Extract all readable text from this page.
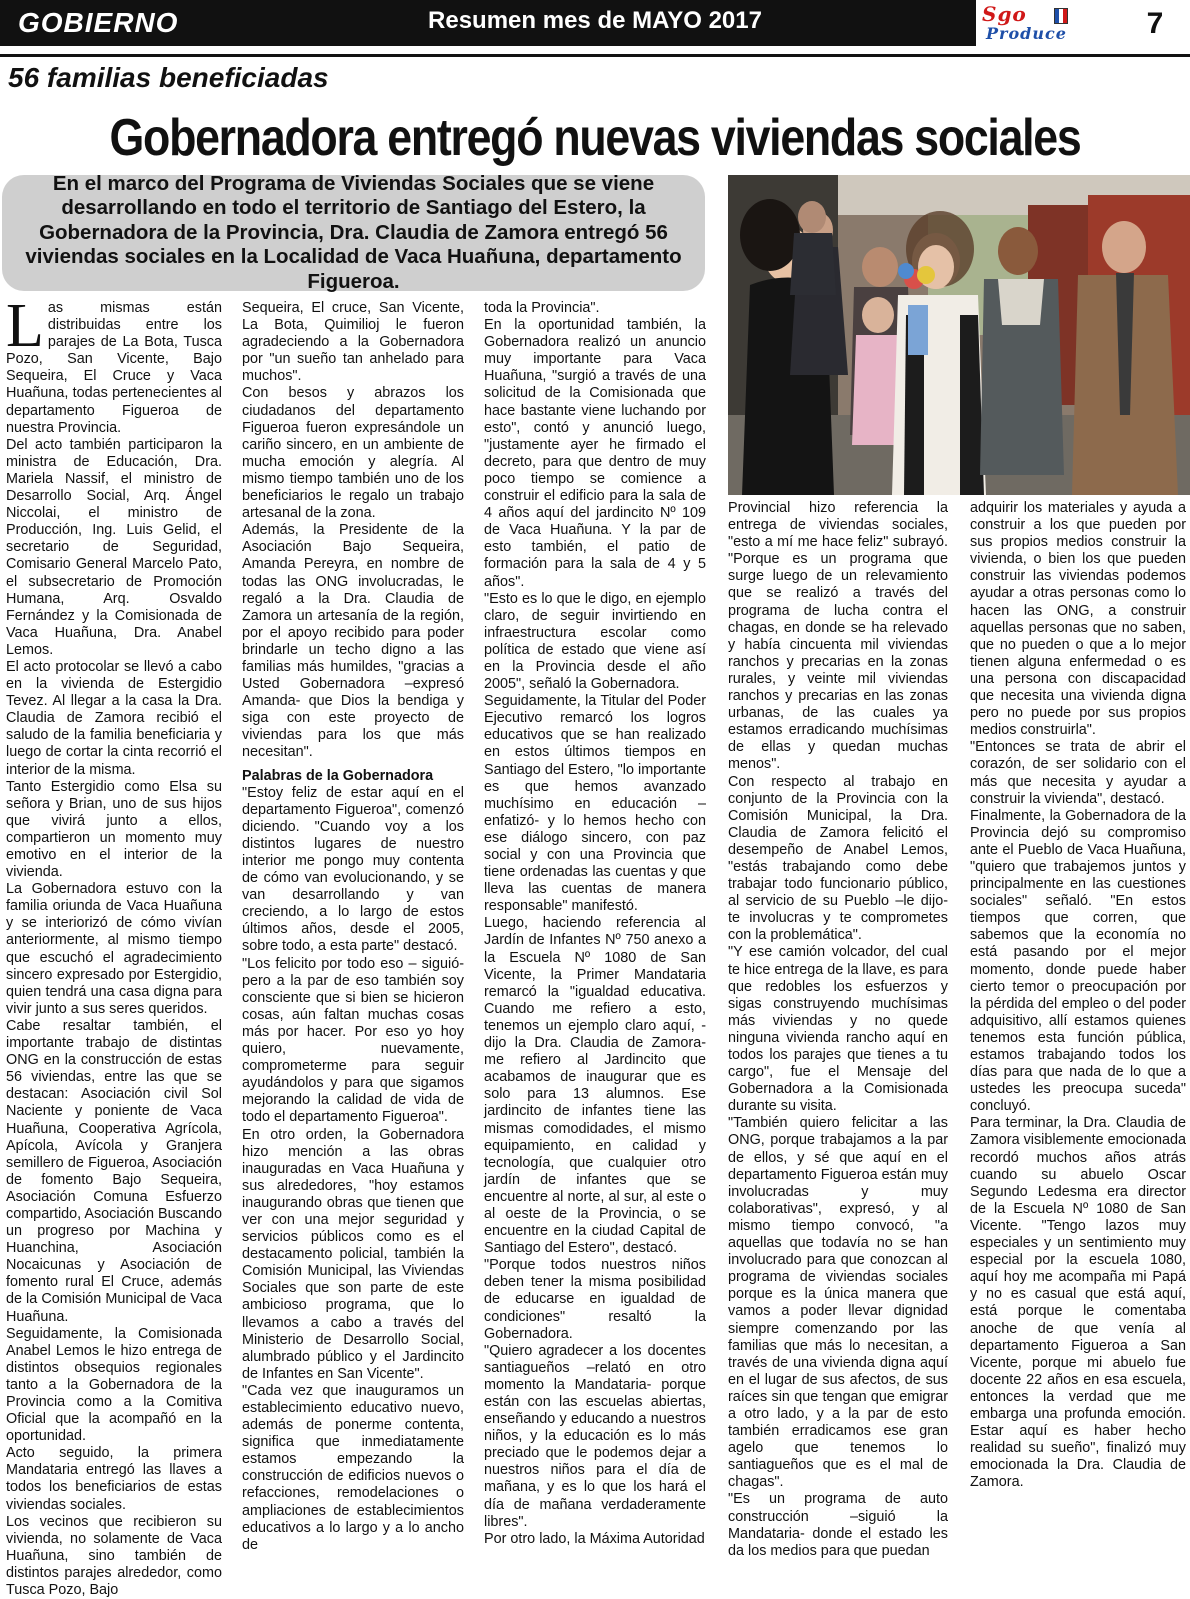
GOBIERNO	Resumen mes de MAYO 2017	Sgo
Produce	7
56 familias beneficiadas
Gobernadora entregó nuevas viviendas sociales
En el marco del Programa de Viviendas Sociales que se viene desarrollando en todo el territorio de Santiago del Estero, la Gobernadora de la Provincia, Dra. Claudia de Zamora entregó 56 viviendas sociales en la Localidad de Vaca Huañuna, departamento Figueroa.
L as mismas están distribuidas entre los parajes de La Bota, Tusca Pozo, San Vicente, Bajo Sequeira, El Cruce y Vaca Huañuna, todas pertenecientes al departamento Figueroa de nuestra Provincia.

Del acto también participaron la ministra de Educación, Dra. Mariela Nassif, el ministro de Desarrollo Social, Arq. Ángel Niccolai, el ministro de Producción, Ing. Luis Gelid, el secretario de Seguridad, Comisario General Marcelo Pato, el subsecretario de Promoción Humana, Arq. Osvaldo Fernández y la Comisionada de Vaca Huañuna, Dra. Anabel Lemos.

El acto protocolar se llevó a cabo en la vivienda de Estergidio Tevez. Al llegar a la casa la Dra. Claudia de Zamora recibió el saludo de la familia beneficiaria y luego de cortar la cinta recorrió el interior de la misma.

Tanto Estergidio como Elsa su señora y Brian, uno de sus hijos que vivirá junto a ellos, compartieron un momento muy emotivo en el interior de la vivienda.

La Gobernadora estuvo con la familia oriunda de Vaca Huañuna y se interiorizó de cómo vivían anteriormente, al mismo tiempo que escuchó el agradecimiento sincero expresado por Estergidio, quien tendrá una casa digna para vivir junto a sus seres queridos.

Cabe resaltar también, el importante trabajo de distintas ONG en la construcción de estas 56 viviendas, entre las que se destacan: Asociación civil Sol Naciente y poniente de Vaca Huañuna, Cooperativa Agrícola, Apícola, Avícola y Granjera semillero de Figueroa, Asociación de fomento Bajo Sequeira, Asociación Comuna Esfuerzo compartido, Asociación Buscando un progreso por Machina y Huanchina, Asociación Nocaicunas y Asociación de fomento rural El Cruce, además de la Comisión Municipal de Vaca Huañuna.

Seguidamente, la Comisionada Anabel Lemos le hizo entrega de distintos obsequios regionales tanto a la Gobernadora de la Provincia como a la Comitiva Oficial que la acompañó en la oportunidad.

Acto seguido, la primera Mandataria entregó las llaves a todos los beneficiarios de estas viviendas sociales.

Los vecinos que recibieron su vivienda, no solamente de Vaca Huañuna, sino también de distintos parajes alrededor, como Tusca Pozo, Bajo

Sequeira, El cruce, San Vicente, La Bota, Quimilioj le fueron agradeciendo a la Gobernadora por "un sueño tan anhelado para muchos".

Con besos y abrazos los ciudadanos del departamento Figueroa fueron expresándole un cariño sincero, en un ambiente de mucha emoción y alegría. Al mismo tiempo también uno de los beneficiarios le regalo un trabajo artesanal de la zona.

Además, la Presidente de la Asociación Bajo Sequeira, Amanda Pereyra, en nombre de todas las ONG involucradas, le regaló a la Dra. Claudia de Zamora un artesanía de la región, por el apoyo recibido para poder brindarle un techo digno a las familias más humildes, "gracias a Usted Gobernadora –expresó Amanda- que Dios la bendiga y siga con este proyecto de viviendas para los que más necesitan".

Palabras de la Gobernadora

"Estoy feliz de estar aquí en el departamento Figueroa", comenzó diciendo. "Cuando voy a los distintos lugares de nuestro interior me pongo muy contenta de cómo van evolucionando, y se van desarrollando y van creciendo, a lo largo de estos últimos años, desde el 2005, sobre todo, a esta parte" destacó.

"Los felicito por todo eso – siguió- pero a la par de eso también soy consciente que si bien se hicieron cosas, aún faltan muchas cosas más por hacer. Por eso yo hoy quiero, nuevamente, comprometerme para seguir ayudándolos y para que sigamos mejorando la calidad de vida de todo el departamento Figueroa".

En otro orden, la Gobernadora hizo mención a las obras inauguradas en Vaca Huañuna y sus alrededores, "hoy estamos inaugurando obras que tienen que ver con una mejor seguridad y servicios públicos como es el destacamento policial, también la Comisión Municipal, las Viviendas Sociales que son parte de este ambicioso programa, que lo llevamos a cabo a través del Ministerio de Desarrollo Social, alumbrado público y el Jardincito de Infantes en San Vicente".

"Cada vez que inauguramos un establecimiento educativo nuevo, además de ponerme contenta, significa que inmediatamente estamos empezando la construcción de edificios nuevos o refacciones, remodelaciones o ampliaciones de establecimientos educativos a lo largo y a lo ancho de

toda la Provincia".

En la oportunidad también, la Gobernadora realizó un anuncio muy importante para Vaca Huañuna, "surgió a través de una solicitud de la Comisionada que hace bastante viene luchando por esto", contó y anunció luego, "justamente ayer he firmado el decreto, para que dentro de muy poco tiempo se comience a construir el edificio para la sala de 4 años aquí del jardincito Nº 109 de Vaca Huañuna. Y la par de esto también, el patio de formación para la sala de 4 y 5 años".

"Esto es lo que le digo, en ejemplo claro, de seguir invirtiendo en infraestructura escolar como política de estado que viene así en la Provincia desde el año 2005", señaló la Gobernadora.

Seguidamente, la Titular del Poder Ejecutivo remarcó los logros educativos que se han realizado en estos últimos tiempos en Santiago del Estero, "lo importante es que hemos avanzado muchísimo en educación –enfatizó- y lo hemos hecho con ese diálogo sincero, con paz social y con una Provincia que tiene ordenadas las cuentas y que lleva las cuentas de manera responsable" manifestó.

Luego, haciendo referencia al Jardín de Infantes Nº 750 anexo a la Escuela Nº 1080 de San Vicente, la Primer Mandataria remarcó la "igualdad educativa. Cuando me refiero a esto, tenemos un ejemplo claro aquí, -dijo la Dra. Claudia de Zamora- me refiero al Jardincito que acabamos de inaugurar que es solo para 13 alumnos. Ese jardincito de infantes tiene las mismas comodidades, el mismo equipamiento, en calidad y tecnología, que cualquier otro jardín de infantes que se encuentre al norte, al sur, al este o al oeste de la Provincia, o se encuentre en la ciudad Capital de Santiago del Estero", destacó.

"Porque todos nuestros niños deben tener la misma posibilidad de educarse en igualdad de condiciones" resaltó la Gobernadora.

"Quiero agradecer a los docentes santiagueños –relató en otro momento la Mandataria- porque están con las escuelas abiertas, enseñando y educando a nuestros niños, y la educación es lo más preciado que le podemos dejar a nuestros niños para el día de mañana, y es lo que los hará el día de mañana verdaderamente libres".

Por otro lado, la Máxima Autoridad

Provincial hizo referencia la entrega de viviendas sociales, "esto a mí me hace feliz" subrayó. "Porque es un programa que surge luego de un relevamiento que se realizó a través del programa de lucha contra el chagas, en donde se ha relevado y había cincuenta mil viviendas ranchos y precarias en la zonas rurales, y veinte mil viviendas ranchos y precarias en las zonas urbanas, de las cuales ya estamos erradicando muchísimas de ellas y quedan muchas menos".

Con respecto al trabajo en conjunto de la Provincia con la Comisión Municipal, la Dra. Claudia de Zamora felicitó el desempeño de Anabel Lemos, "estás trabajando como debe trabajar todo funcionario público, al servicio de su Pueblo –le dijo- te involucras y te comprometes con la problemática".

"Y ese camión volcador, del cual te hice entrega de la llave, es para que redobles los esfuerzos y sigas construyendo muchísimas más viviendas y no quede ninguna vivienda rancho aquí en todos los parajes que tienes a tu cargo", fue el Mensaje del Gobernadora a la Comisionada durante su visita.

"También quiero felicitar a las ONG, porque trabajamos a la par de ellos, y sé que aquí en el departamento Figueroa están muy involucradas y muy colaborativas", expresó, y al mismo tiempo convocó, "a aquellas que todavía no se han involucrado para que conozcan al programa de viviendas sociales porque es la única manera que vamos a poder llevar dignidad siempre comenzando por las familias que más lo necesitan, a través de una vivienda digna aquí en el lugar de sus afectos, de sus raíces sin que tengan que emigrar a otro lado, y a la par de esto también erradicamos ese gran agelo que tenemos lo santiagueños que es el mal de chagas".

"Es un programa de auto construcción –siguió la Mandataria- donde el estado les da los medios para que puedan

adquirir los materiales y ayuda a construir a los que pueden por sus propios medios construir la vivienda, o bien los que pueden construir las viviendas podemos ayudar a otras personas como lo hacen las ONG, a construir aquellas personas que no saben, que no pueden o que a lo mejor tienen alguna enfermedad o es una persona con discapacidad que necesita una vivienda digna pero no puede por sus propios medios construirla".

"Entonces se trata de abrir el corazón, de ser solidario con el más que necesita y ayudar a construir la vivienda", destacó.

Finalmente, la Gobernadora de la Provincia dejó su compromiso ante el Pueblo de Vaca Huañuna, "quiero que trabajemos juntos y principalmente en las cuestiones sociales" señaló. "En estos tiempos que corren, que sabemos que la economía no está pasando por el mejor momento, donde puede haber cierto temor o preocupación por la pérdida del empleo o del poder adquisitivo, allí estamos quienes tenemos esta función pública, estamos trabajando todos los días para que nada de lo que a ustedes les preocupa suceda" concluyó.

Para terminar, la Dra. Claudia de Zamora visiblemente emocionada recordó muchos años atrás cuando su abuelo Oscar Segundo Ledesma era director de la Escuela Nº 1080 de San Vicente. "Tengo lazos muy especiales y un sentimiento muy especial por la escuela 1080, aquí hoy me acompaña mi Papá y no es casual que está aquí, está porque le comentaba anoche de que venía al departamento Figueroa a San Vicente, porque mi abuelo fue docente 22 años en esa escuela, entonces la verdad que me embarga una profunda emoción. Estar aquí es haber hecho realidad su sueño", finalizó muy emocionada la Dra. Claudia de Zamora.
